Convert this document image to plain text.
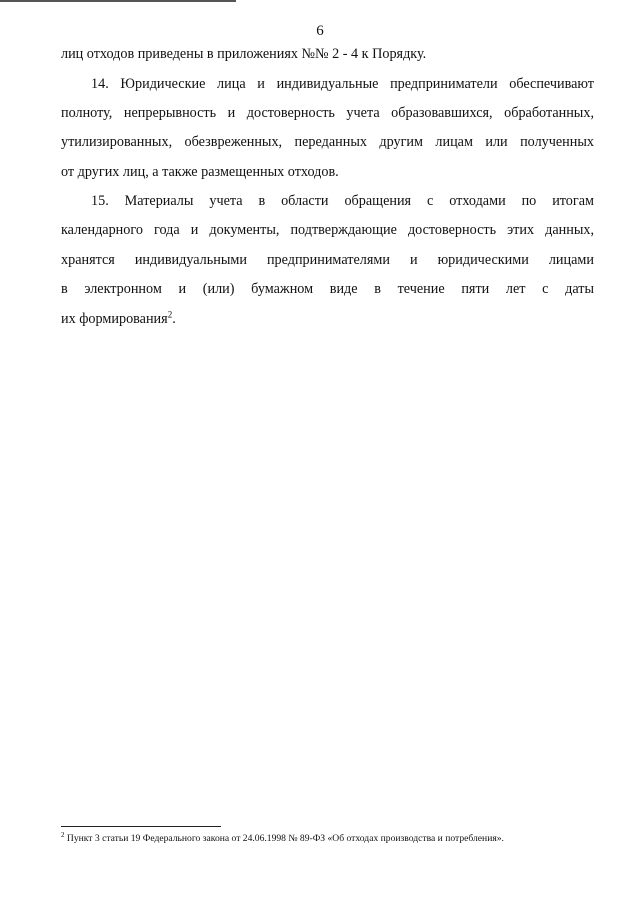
6

лиц отходов приведены в приложениях №№ 2 - 4 к Порядку.

14. Юридические лица и индивидуальные предприниматели обеспечивают
полноту, непрерывность и достоверность учета образовавшихся, обработанных,
утилизированных, обезвреженных, переданных другим лицам или полученных
от других лиц, а также размещенных отходов.

15. Материалы учета в области обращения с отходами по итогам
календарного года и документы, подтверждающие достоверность этих данных,
хранятся индивидуальными предпринимателями и юридическими лицами
в электронном и (или) бумажном виде в течение пяти лет с даты
их формирования$^2$.

$^2$ Пункт 3 статьи 19 Федерального закона от 24.06.1998 № 89-ФЗ «Об отходах производства и потребления».
